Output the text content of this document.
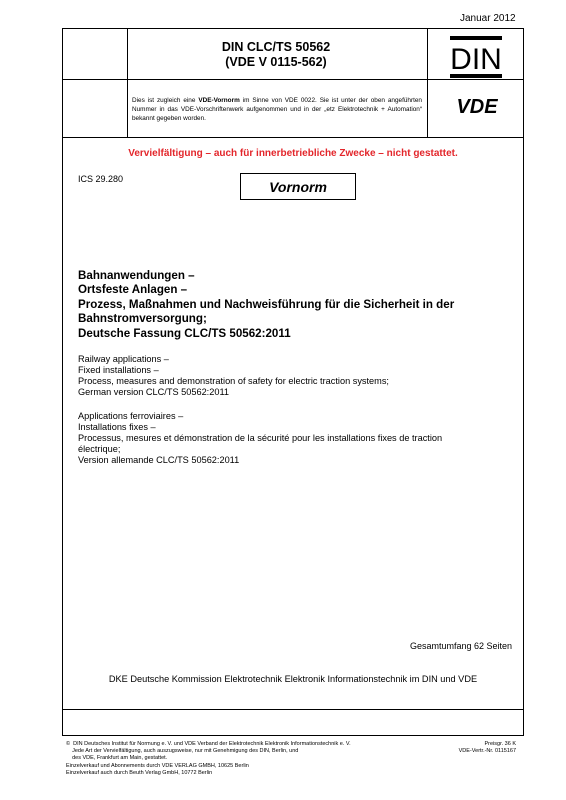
Januar 2012
DIN CLC/TS 50562
(VDE V 0115-562)	DIN
Dies ist zugleich eine VDE-Vornorm im Sinne von VDE 0022. Sie ist unter der oben angeführten Nummer in das VDE-Vorschriftenwerk aufgenommen und in der „etz Elektrotechnik + Automation“ bekannt gegeben worden.
VDE
Vervielfältigung – auch für innerbetriebliche Zwecke – nicht gestattet.
ICS 29.280	Vornorm
Bahnanwendungen –
Ortsfeste Anlagen –
Prozess, Maßnahmen und Nachweisführung für die Sicherheit in der
Bahnstromversorgung;
Deutsche Fassung CLC/TS 50562:2011
Railway applications –
Fixed installations –
Process, measures and demonstration of safety for electric traction systems;
German version CLC/TS 50562:2011
Applications ferroviaires –
Installations fixes –
Processus, mesures et démonstration de la sécurité pour les installations fixes de traction
électrique;
Version allemande CLC/TS 50562:2011
Gesamtumfang 62 Seiten
DKE Deutsche Kommission Elektrotechnik Elektronik Informationstechnik im DIN und VDE
©  DIN Deutsches Institut für Normung e. V. und VDE Verband der Elektrotechnik Elektronik Informationstechnik e. V.
Jede Art der Vervielfältigung, auch auszugsweise, nur mit Genehmigung des DIN, Berlin, und
des VDE, Frankfurt am Main, gestattet.
Einzelverkauf und Abonnements durch VDE VERLAG GMBH, 10625 Berlin
Einzelverkauf auch durch Beuth Verlag GmbH, 10772 Berlin
Preisgr. 36 K
VDE-Vertr.-Nr. 0115167
